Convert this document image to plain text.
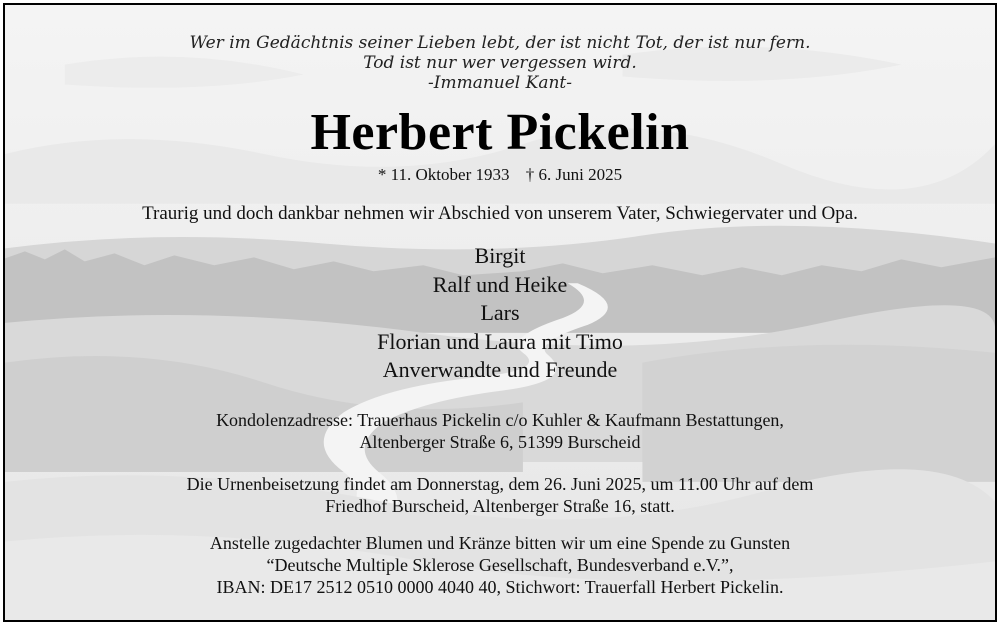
Wer im Gedächtnis seiner Lieben lebt, der ist nicht Tot, der ist nur fern.
Tod ist nur wer vergessen wird.
-Immanuel Kant-
Herbert Pickelin
* 11. Oktober 1933 † 6. Juni 2025
Traurig und doch dankbar nehmen wir Abschied von unserem Vater, Schwiegervater und Opa.
Birgit
Ralf und Heike
Lars
Florian und Laura mit Timo
Anverwandte und Freunde
Kondolenzadresse: Trauerhaus Pickelin c/o Kuhler & Kaufmann Bestattungen,
Altenberger Straße 6, 51399 Burscheid
Die Urnenbeisetzung findet am Donnerstag, dem 26. Juni 2025, um 11.00 Uhr auf dem
Friedhof Burscheid, Altenberger Straße 16, statt.
Anstelle zugedachter Blumen und Kränze bitten wir um eine Spende zu Gunsten
“Deutsche Multiple Sklerose Gesellschaft, Bundesverband e.V.”,
IBAN: DE17 2512 0510 0000 4040 40, Stichwort: Trauerfall Herbert Pickelin.
